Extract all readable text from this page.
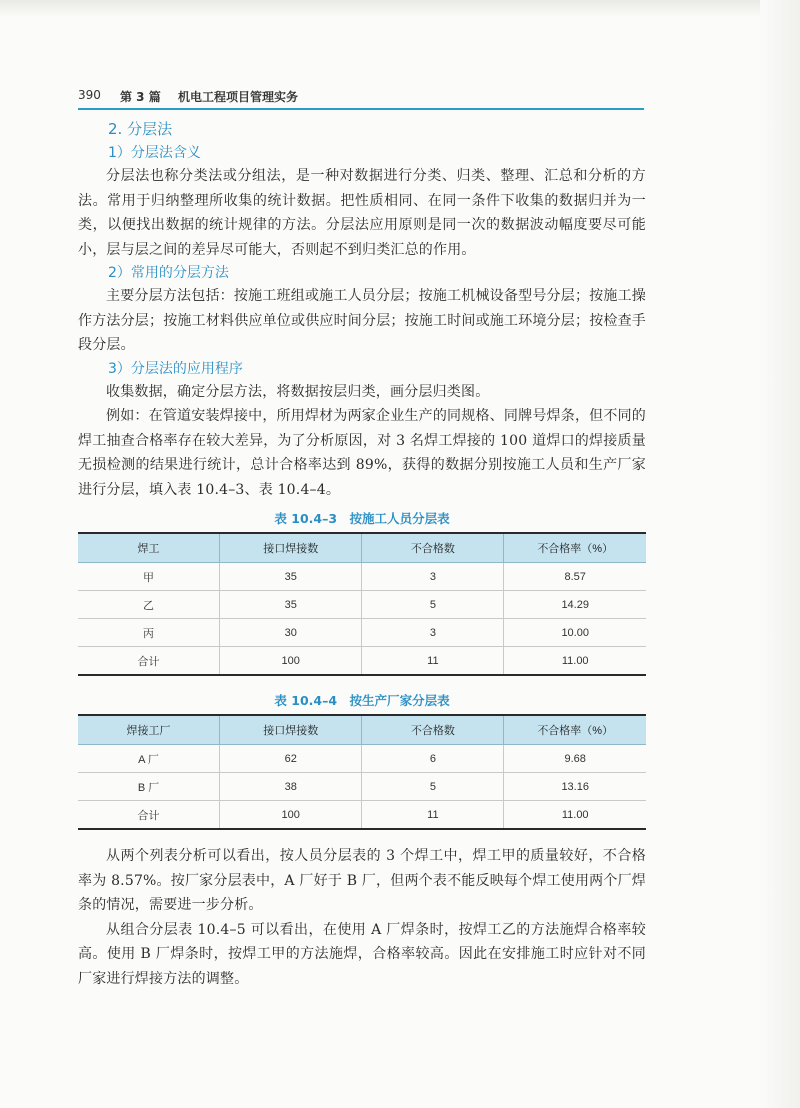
390 第 3 篇 机电工程项目管理实务
2. 分层法
1）分层法含义

分层法也称分类法或分组法，是一种对数据进行分类、归类、整理、汇总和分析的方法。常用于归纳整理所收集的统计数据。把性质相同、在同一条件下收集的数据归并为一类，以便找出数据的统计规律的方法。分层法应用原则是同一次的数据波动幅度要尽可能小，层与层之间的差异尽可能大，否则起不到归类汇总的作用。

2）常用的分层方法

主要分层方法包括：按施工班组或施工人员分层；按施工机械设备型号分层；按施工操作方法分层；按施工材料供应单位或供应时间分层；按施工时间或施工环境分层；按检查手段分层。

3）分层法的应用程序

收集数据，确定分层方法，将数据按层归类，画分层归类图。

例如：在管道安装焊接中，所用焊材为两家企业生产的同规格、同牌号焊条，但不同的焊工抽查合格率存在较大差异，为了分析原因，对 3 名焊工焊接的 100 道焊口的焊接质量无损检测的结果进行统计，总计合格率达到 89%，获得的数据分别按施工人员和生产厂家进行分层，填入表 10.4–3、表 10.4–4。

表 10.4–3　按施工人员分层表
焊工	接口焊接数	不合格数	不合格率（%）
甲	35	3	8.57
乙	35	5	14.29
丙	30	3	10.00
合计	100	11	11.00
表 10.4–4　按生产厂家分层表
焊接工厂	接口焊接数	不合格数	不合格率（%）
A 厂	62	6	9.68
B 厂	38	5	13.16
合计	100	11	11.00

从两个列表分析可以看出，按人员分层表的 3 个焊工中，焊工甲的质量较好，不合格率为 8.57%。按厂家分层表中，A 厂好于 B 厂，但两个表不能反映每个焊工使用两个厂焊条的情况，需要进一步分析。

从组合分层表 10.4–5 可以看出，在使用 A 厂焊条时，按焊工乙的方法施焊合格率较高。使用 B 厂焊条时，按焊工甲的方法施焊，合格率较高。因此在安排施工时应针对不同厂家进行焊接方法的调整。
